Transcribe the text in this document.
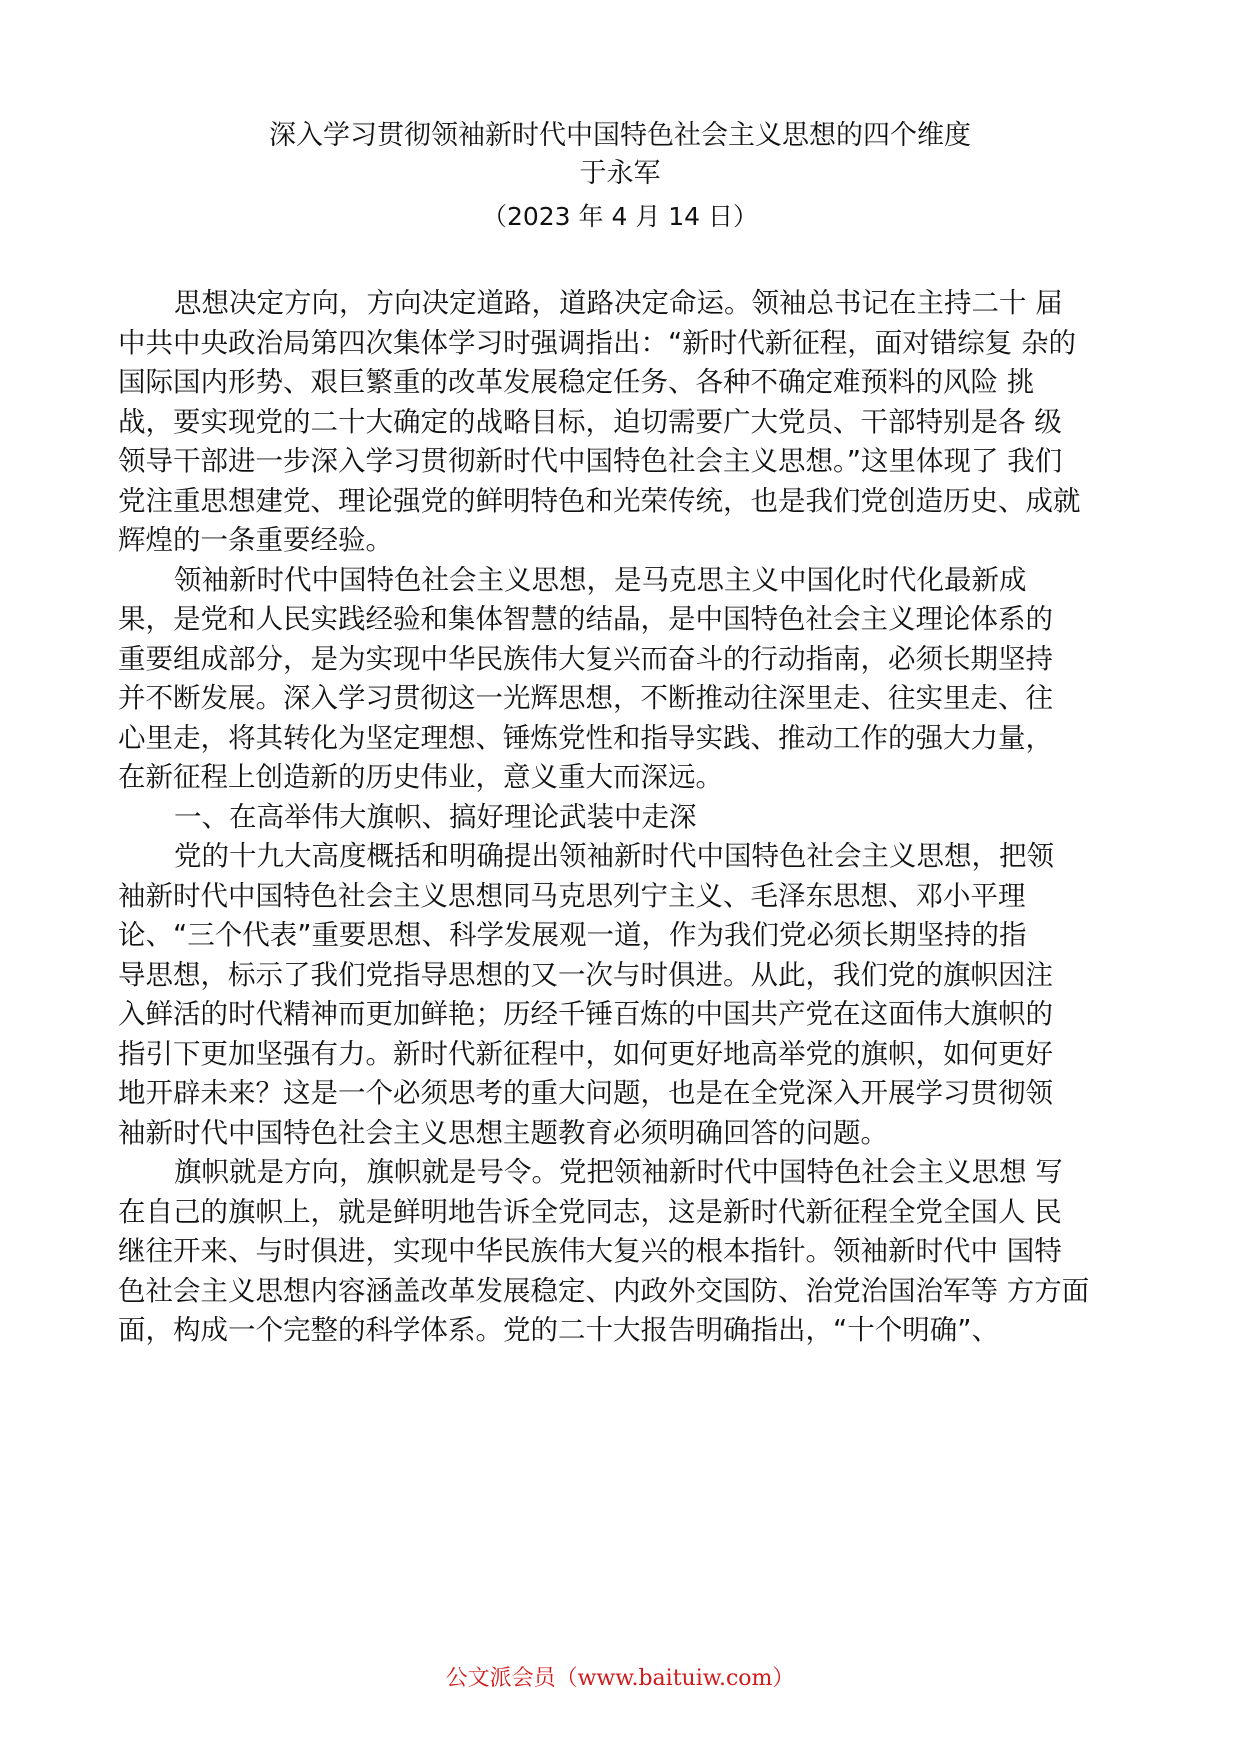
深入学习贯彻领袖新时代中国特色社会主义思想的四个维度
于永军
（2023 年 4 月 14 日）
思想决定方向，方向决定道路，道路决定命运。领袖总书记在主持二十 届
中共中央政治局第四次集体学习时强调指出：“新时代新征程，面对错综复 杂的
国际国内形势、艰巨繁重的改革发展稳定任务、各种不确定难预料的风险 挑
战，要实现党的二十大确定的战略目标，迫切需要广大党员、干部特别是各 级
领导干部进一步深入学习贯彻新时代中国特色社会主义思想。”这里体现了 我们
党注重思想建党、理论强党的鲜明特色和光荣传统，也是我们党创造历史、成就
辉煌的一条重要经验。
领袖新时代中国特色社会主义思想，是马克思主义中国化时代化最新成
果，是党和人民实践经验和集体智慧的结晶，是中国特色社会主义理论体系的
重要组成部分，是为实现中华民族伟大复兴而奋斗的行动指南，必须长期坚持
并不断发展。深入学习贯彻这一光辉思想，不断推动往深里走、往实里走、往
心里走，将其转化为坚定理想、锤炼党性和指导实践、推动工作的强大力量，
在新征程上创造新的历史伟业，意义重大而深远。
一、在高举伟大旗帜、搞好理论武装中走深
党的十九大高度概括和明确提出领袖新时代中国特色社会主义思想，把领
袖新时代中国特色社会主义思想同马克思列宁主义、毛泽东思想、邓小平理
论、“三个代表”重要思想、科学发展观一道，作为我们党必须长期坚持的指
导思想，标示了我们党指导思想的又一次与时俱进。从此，我们党的旗帜因注
入鲜活的时代精神而更加鲜艳；历经千锤百炼的中国共产党在这面伟大旗帜的
指引下更加坚强有力。新时代新征程中，如何更好地高举党的旗帜，如何更好
地开辟未来？这是一个必须思考的重大问题，也是在全党深入开展学习贯彻领
袖新时代中国特色社会主义思想主题教育必须明确回答的问题。
旗帜就是方向，旗帜就是号令。党把领袖新时代中国特色社会主义思想 写
在自己的旗帜上，就是鲜明地告诉全党同志，这是新时代新征程全党全国人 民
继往开来、与时俱进，实现中华民族伟大复兴的根本指针。领袖新时代中 国特
色社会主义思想内容涵盖改革发展稳定、内政外交国防、治党治国治军等 方方面
面，构成一个完整的科学体系。党的二十大报告明确指出，“十个明确”、
公文派会员（www.baituiw.com）
